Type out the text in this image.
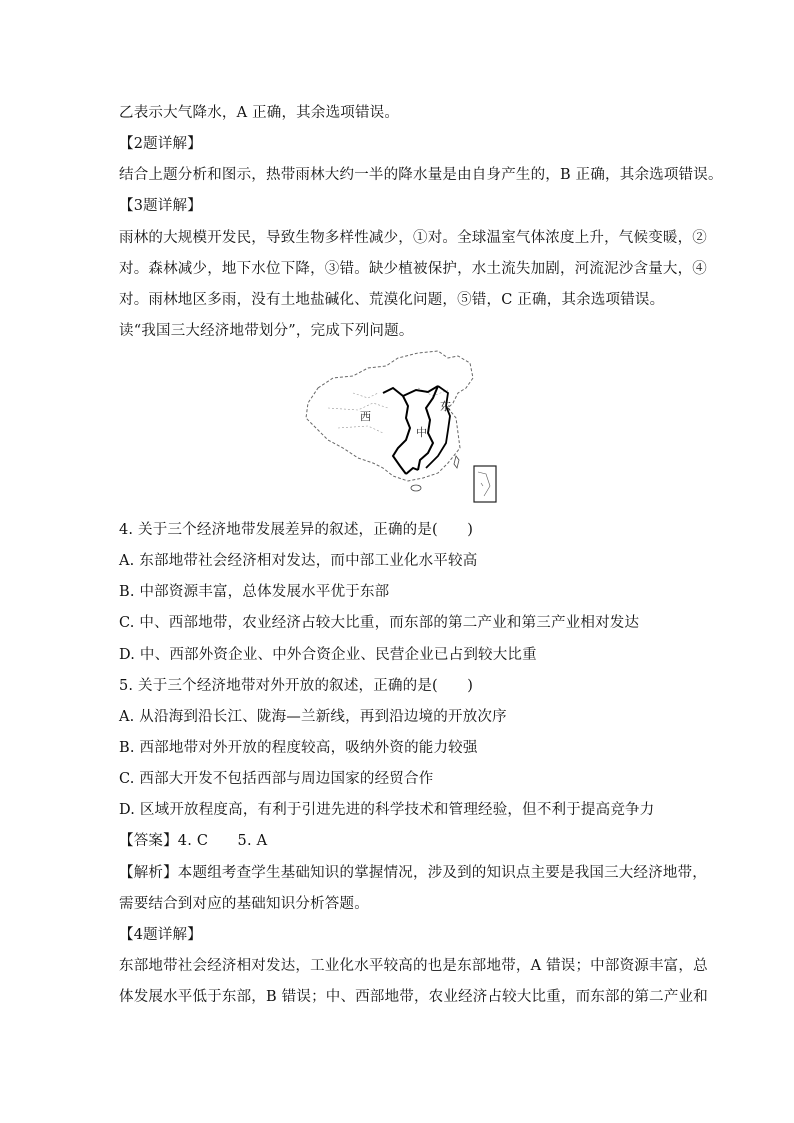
乙表示大气降水，A 正确，其余选项错误。
【2题详解】
结合上题分析和图示，热带雨林大约一半的降水量是由自身产生的，B 正确，其余选项错误。
【3题详解】
雨林的大规模开发民，导致生物多样性减少，①对。全球温室气体浓度上升，气候变暖，②
对。森林减少，地下水位下降，③错。缺少植被保护，水土流失加剧，河流泥沙含量大，④
对。雨林地区多雨，没有土地盐碱化、荒漠化问题，⑤错，C 正确，其余选项错误。
读“我国三大经济地带划分”，完成下列问题。
西
中
东
4. 关于三个经济地带发展差异的叙述，正确的是(　　)
A. 东部地带社会经济相对发达，而中部工业化水平较高
B. 中部资源丰富，总体发展水平优于东部
C. 中、西部地带，农业经济占较大比重，而东部的第二产业和第三产业相对发达
D. 中、西部外资企业、中外合资企业、民营企业已占到较大比重
5. 关于三个经济地带对外开放的叙述，正确的是(　　)
A. 从沿海到沿长江、陇海—兰新线，再到沿边境的开放次序
B. 西部地带对外开放的程度较高，吸纳外资的能力较强
C. 西部大开发不包括西部与周边国家的经贸合作
D. 区域开放程度高，有利于引进先进的科学技术和管理经验，但不利于提高竞争力
【答案】4. C　　5. A
【解析】本题组考查学生基础知识的掌握情况，涉及到的知识点主要是我国三大经济地带，
需要结合到对应的基础知识分析答题。
【4题详解】
东部地带社会经济相对发达，工业化水平较高的也是东部地带，A 错误；中部资源丰富，总
体发展水平低于东部，B 错误；中、西部地带，农业经济占较大比重，而东部的第二产业和
